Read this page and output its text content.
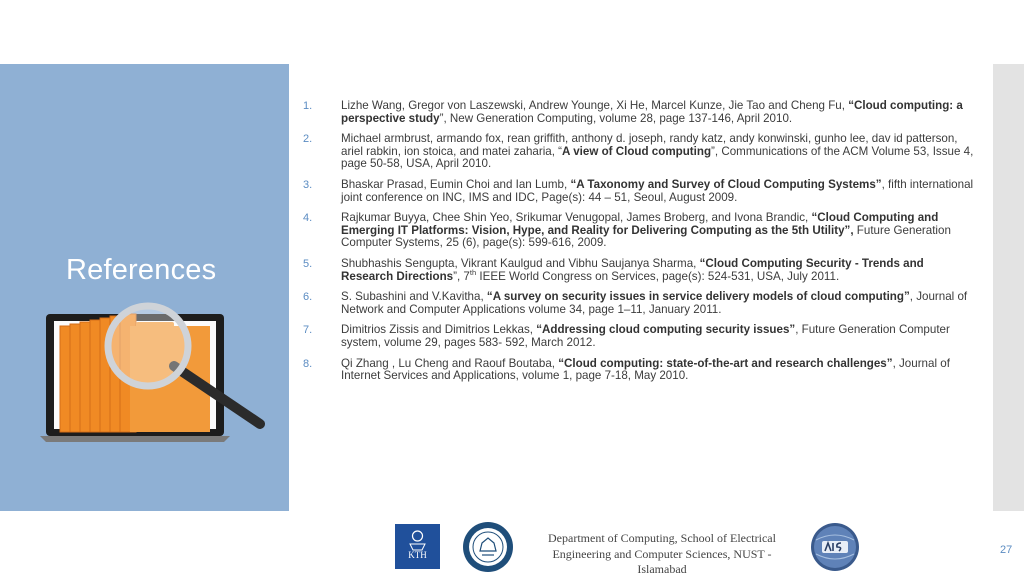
References
1. Lizhe Wang, Gregor von Laszewski, Andrew Younge, Xi He, Marcel Kunze, Jie Tao and Cheng Fu, “Cloud computing: a perspective study”, New Generation Computing, volume 28, page 137-146, April 2010.
2. Michael armbrust, armando fox, rean griffith, anthony d. joseph, randy katz, andy konwinski, gunho lee, dav id patterson, ariel rabkin, ion stoica, and matei zaharia, “A view of Cloud computing”, Communications of the ACM Volume 53, Issue 4, page 50-58, USA, April 2010.
3. Bhaskar Prasad, Eumin Choi and Ian Lumb, “A Taxonomy and Survey of Cloud Computing Systems”, fifth international joint conference on INC, IMS and IDC, Page(s): 44 – 51, Seoul, August 2009.
4. Rajkumar Buyya, Chee Shin Yeo, Srikumar Venugopal, James Broberg, and Ivona Brandic, “Cloud Computing and Emerging IT Platforms: Vision, Hype, and Reality for Delivering Computing as the 5th Utility”, Future Generation Computer Systems, 25 (6), page(s): 599-616, 2009.
5. Shubhashis Sengupta, Vikrant Kaulgud and Vibhu Saujanya Sharma, “Cloud Computing Security - Trends and Research Directions”, 7th IEEE World Congress on Services, page(s): 524-531, USA, July 2011.
6. S. Subashini and V.Kavitha, “A survey on security issues in service delivery models of cloud computing”, Journal of Network and Computer Applications volume 34, page 1–11, January 2011.
7. Dimitrios Zissis and Dimitrios Lekkas, “Addressing cloud computing security issues”, Future Generation Computer system, volume 29, pages 583- 592, March 2012.
8. Qi Zhang , Lu Cheng and Raouf Boutaba, “Cloud computing: state-of-the-art and research challenges”, Journal of Internet Services and Applications, volume 1, page 7-18, May 2010.
KTH
Department of Computing, School of Electrical Engineering and Computer Sciences, NUST - Islamabad
27
